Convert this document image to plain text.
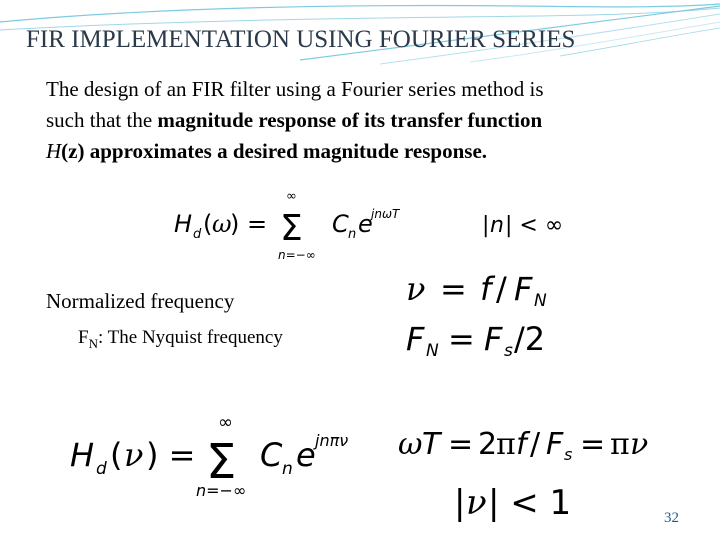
FIR IMPLEMENTATION USING FOURIER SERIES
  The design of an FIR filter using a Fourier series method is
such that the magnitude response of its transfer function
H(z) approximates a desired magnitude response.
H d ( ω
) =
∞
Σ
n=−∞
C n e
jnωT	| n | < ∞
  Normalized frequency
  $F_N$: The Nyquist frequency
ν = f / F N
F N = F s /2
H d ( ν ) =
∞
Σ
n=−∞
C n e jnπν ω T = 2
π f / F s = π ν
| ν | < 1	32
